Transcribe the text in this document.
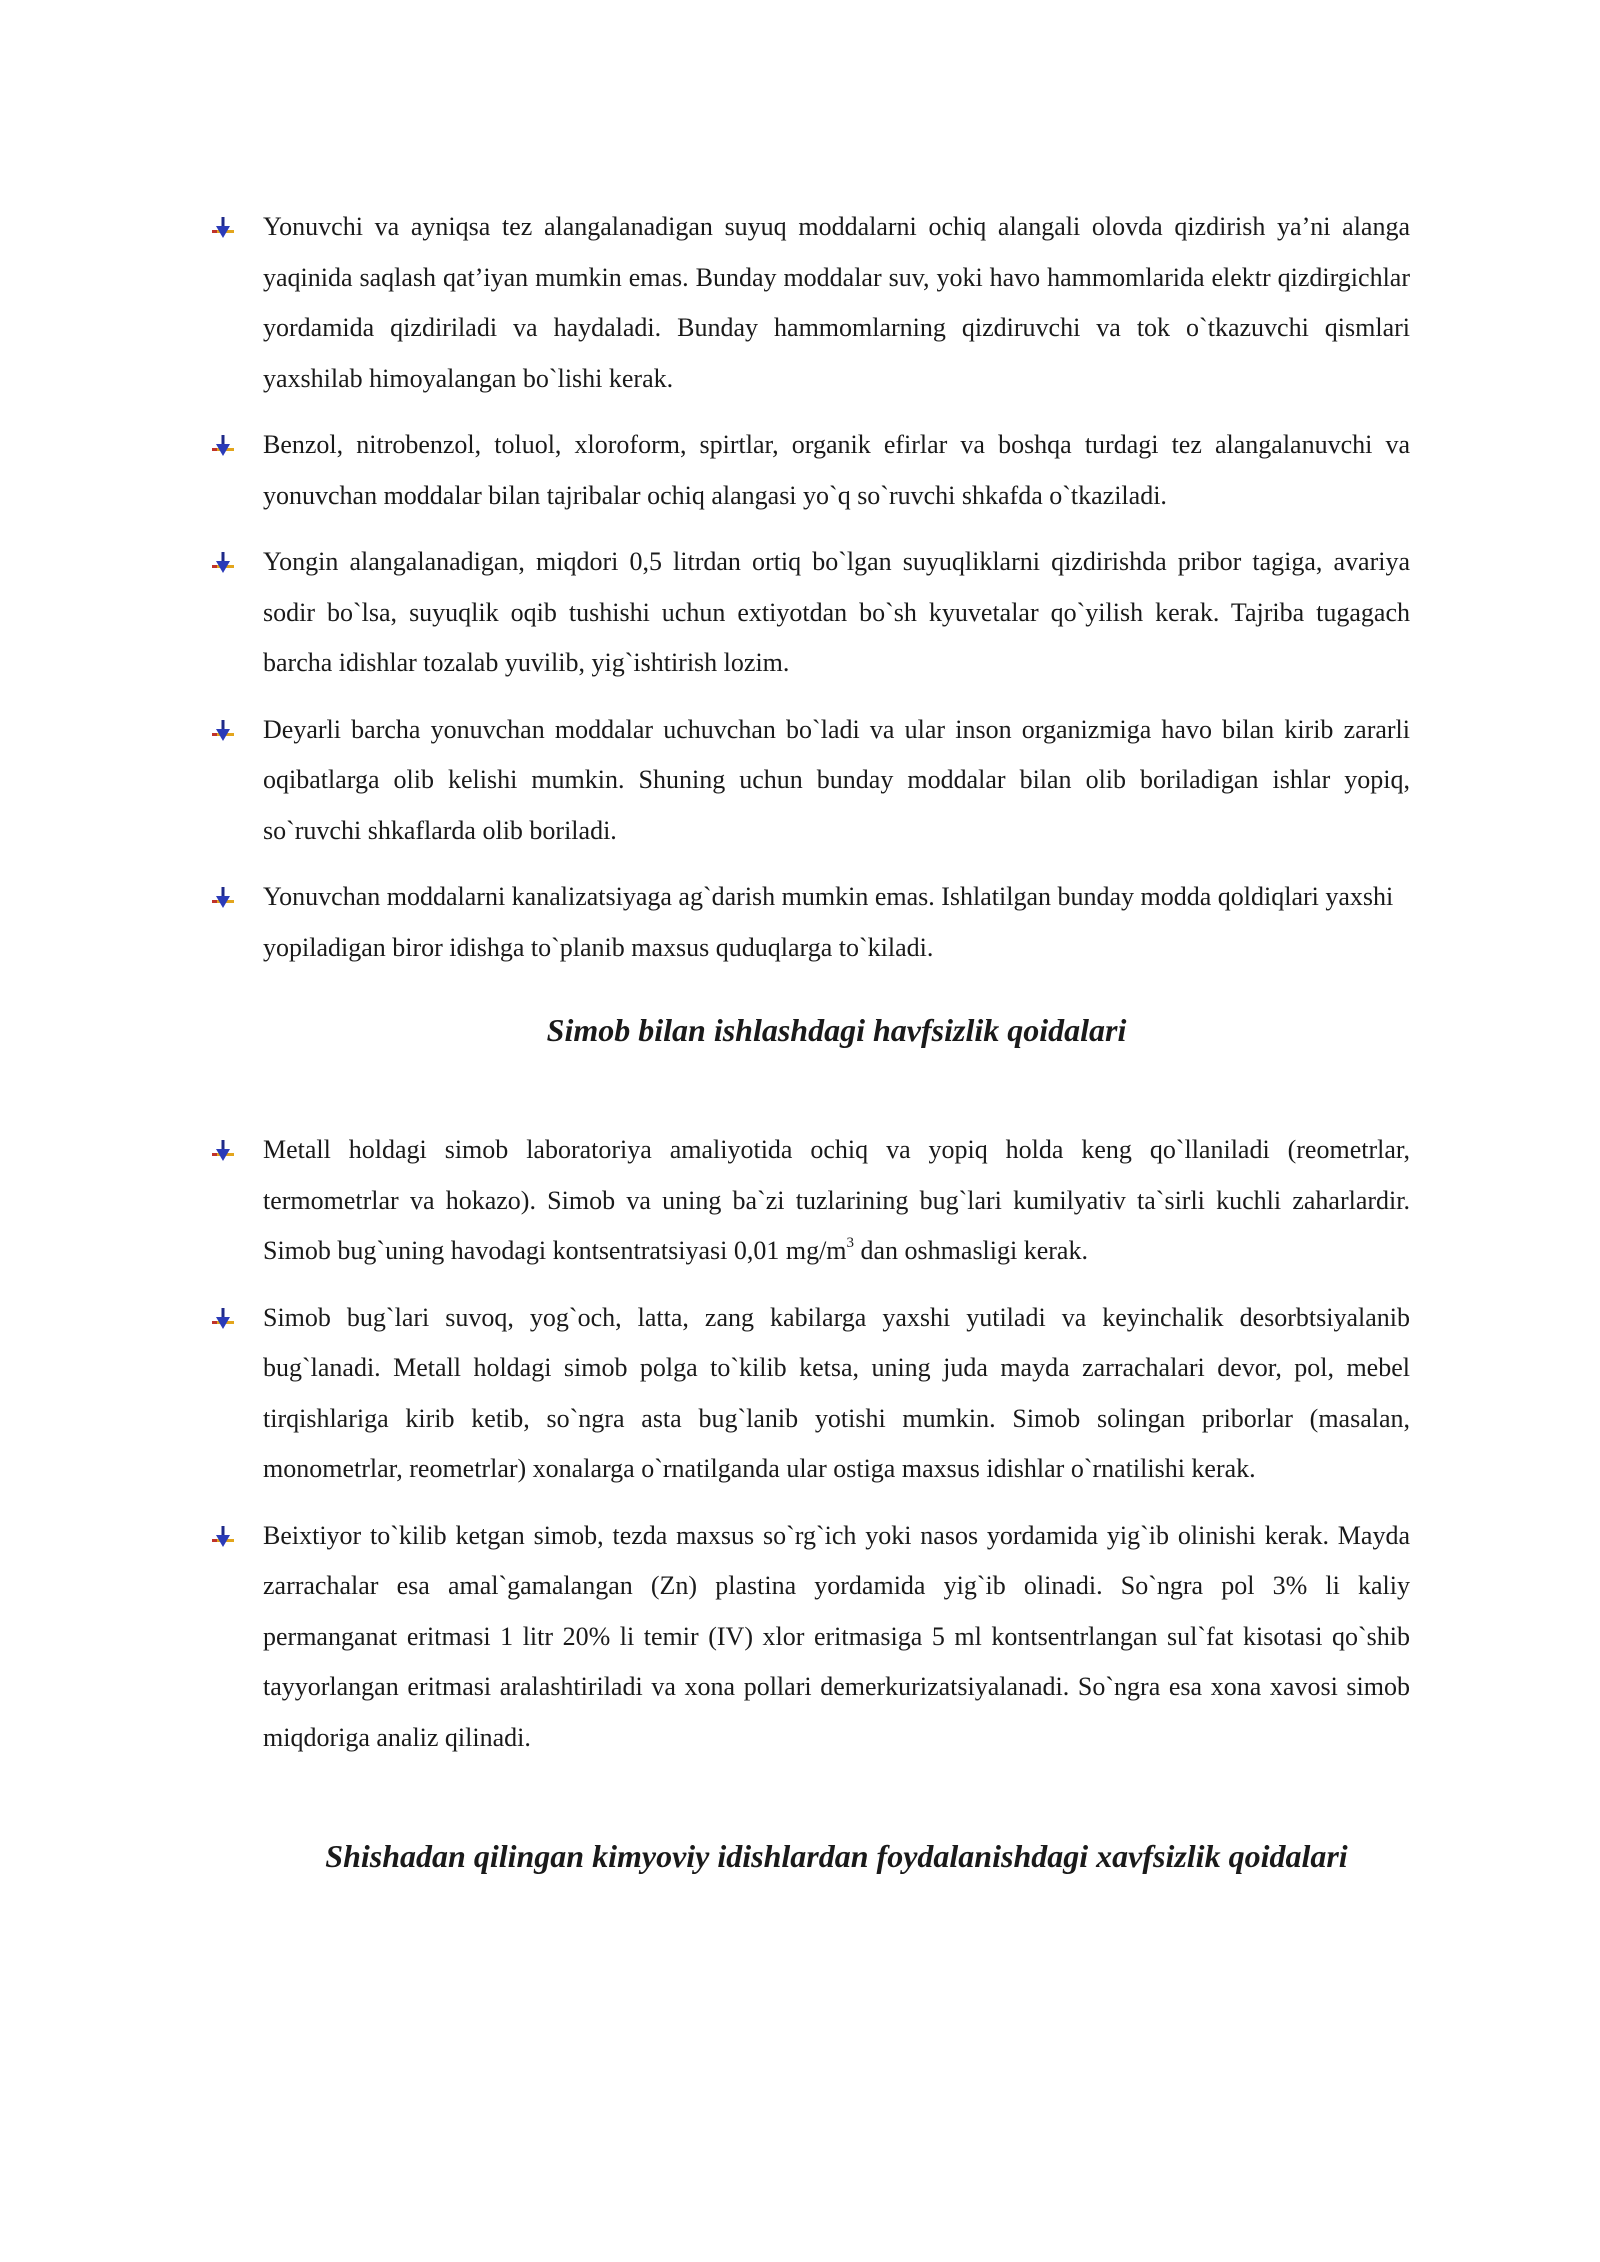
Yonuvchi va ayniqsa tez alangalanadigan suyuq moddalarni ochiq alangali olovda qizdirish ya’ni alanga yaqinida saqlash qat’iyan mumkin emas. Bunday moddalar suv, yoki havo hammomlarida elektr qizdirgichlar yordamida qizdiriladi va haydaladi. Bunday hammomlarning qizdiruvchi va tok o`tkazuvchi qismlari yaxshilab himoyalangan bo`lishi kerak.
Benzol, nitrobenzol, toluol, xloroform, spirtlar, organik efirlar va boshqa turdagi tez alangalanuvchi va yonuvchan moddalar bilan tajribalar ochiq alangasi yo`q so`ruvchi shkafda o`tkaziladi.
Yongin alangalanadigan, miqdori 0,5 litrdan ortiq bo`lgan suyuqliklarni qizdirishda pribor tagiga, avariya sodir bo`lsa, suyuqlik oqib tushishi uchun extiyotdan bo`sh kyuvetalar qo`yilish kerak. Tajriba tugagach barcha idishlar tozalab yuvilib, yig`ishtirish lozim.
Deyarli barcha yonuvchan moddalar uchuvchan bo`ladi va ular inson organizmiga havo bilan kirib zararli oqibatlarga olib kelishi mumkin. Shuning uchun bunday moddalar bilan olib boriladigan ishlar yopiq, so`ruvchi shkaflarda olib boriladi.
Yonuvchan moddalarni kanalizatsiyaga ag`darish mumkin emas. Ishlatilgan bunday modda qoldiqlari yaxshi yopiladigan biror idishga to`planib maxsus quduqlarga to`kiladi.
Simob bilan ishlashdagi havfsizlik qoidalari
Metall holdagi simob laboratoriya amaliyotida ochiq va yopiq holda keng qo`llaniladi (reometrlar, termometrlar va hokazo). Simob va uning ba`zi tuzlarining bug`lari kumilyativ ta`sirli kuchli zaharlardir. Simob bug`uning havodagi kontsentratsiyasi 0,01 $mg/m^3$ dan oshmasligi kerak.
Simob bug`lari suvoq, yog`och, latta, zang kabilarga yaxshi yutiladi va keyinchalik desorbtsiyalanib bug`lanadi. Metall holdagi simob polga to`kilib ketsa, uning juda mayda zarrachalari devor, pol, mebel tirqishlariga kirib ketib, so`ngra asta bug`lanib yotishi mumkin. Simob solingan priborlar (masalan, monometrlar, reometrlar) xonalarga o`rnatilganda ular ostiga maxsus idishlar o`rnatilishi kerak.
Beixtiyor to`kilib ketgan simob, tezda maxsus so`rg`ich yoki nasos yordamida yig`ib olinishi kerak. Mayda zarrachalar esa amal`gamalangan (Zn) plastina yordamida yig`ib olinadi. So`ngra pol 3% li kaliy permanganat eritmasi 1 litr 20% li temir (IV) xlor eritmasiga 5 ml kontsentrlangan sul`fat kisotasi qo`shib tayyorlangan eritmasi aralashtiriladi va xona pollari demerkurizatsiyalanadi. So`ngra esa xona xavosi simob miqdoriga analiz qilinadi.
Shishadan qilingan kimyoviy idishlardan foydalanishdagi xavfsizlik qoidalari
